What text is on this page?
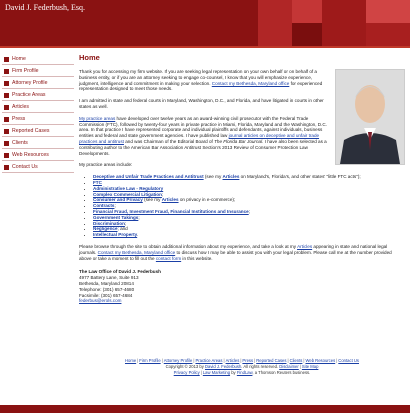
David J. Federbush, Esq.
Home
Firm Profile
Attorney Profile
Practice Areas
Articles
Press
Reported Cases
Clients
Web Resources
Contact Us
Home

Thank you for accessing my firm website. If you are seeking legal representation on your own behalf or on behalf of a business entity, or if you are an attorney seeking to engage co-counsel, I know that you will emphasize experience, judgment, intelligence and commitment in making your selection. Contact my Bethesda, Maryland office for experienced representation designed to meet those needs.

I am admitted in state and federal courts in Maryland, Washington, D.C., and Florida, and have litigated in courts in other states as well.

My practice areas have developed over twelve years as an award-winning civil prosecutor with the Federal Trade Commission (FTC), followed by twenty-four years in private practice in Miami, Florida, Maryland and the Washington, D.C. area. In that practice I have represented corporate and individual plaintiffs and defendants, against individuals, business entities and federal and state government agencies. I have published law journal articles on deceptive and unfair trade practices and antitrust and was Chairman of the Editorial Board of The Florida Bar Journal. I have also been selected as a contributing author to the American Bar Association Antitrust Section's 2013 Review of Consumer Protection Law Developments.

My practice areas include:

• Deceptive and Unfair Trade Practices and Antitrust (see my Articles on Maryland's, Florida's, and other states' "little FTC acts");
• FTC
• Administrative Law - Regulatory
• Complex Commercial Litigation;
• Consumer and Privacy (see my Articles on privacy in e-commerce);
• Contracts;
• Financial Fraud, Investment Fraud, Financial Institutions and Insurance;
• Government Takings;
• Discrimination;
• Negligence; and
• Intellectual Property.

Please browse through the site to obtain additional information about my experience, and take a look at my Articles appearing in state and national legal journals. Contact my Bethesda, Maryland office to discuss how I may be able to assist you with your legal problem. Please call me at the number provided above or take a moment to fill out the contact form in this website.

The Law Office of David J. Federbush
4977 Battery Lane, Suite 913
Bethesda, Maryland 20814
Telephone: (301) 657-4680
Facsimile: (301) 657-4684
federbus@erols.com
Home|Firm Profile|Attorney Profile|Practice Areas|Articles|Press|Reported Cases|Clients|Web Resources|Contact Us
Copyright © 2013 by David J. Federbush. All rights reserved. Disclaimer|Site Map
Privacy Policy|Law Marketing by FindLaw, a Thomson Reuters business.
